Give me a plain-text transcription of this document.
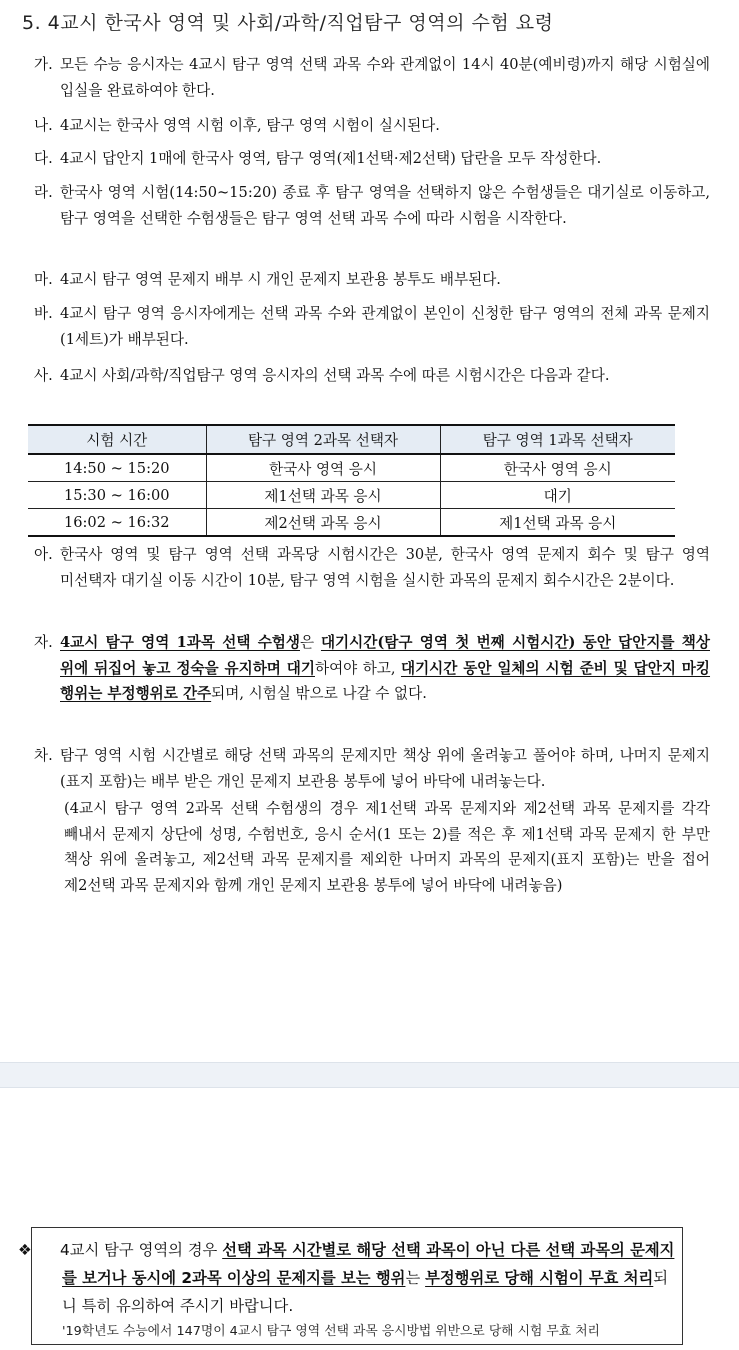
5. 4교시 한국사 영역 및 사회/과학/직업탐구 영역의 수험 요령
가. 모든 수능 응시자는 4교시 탐구 영역 선택 과목 수와 관계없이 14시 40분(예비령)까지 해당 시험실에 입실을 완료하여야 한다.
나. 4교시는 한국사 영역 시험 이후, 탐구 영역 시험이 실시된다.
다. 4교시 답안지 1매에 한국사 영역, 탐구 영역(제1선택·제2선택) 답란을 모두 작성한다.
라. 한국사 영역 시험(14:50~15:20) 종료 후 탐구 영역을 선택하지 않은 수험생들은 대기실로 이동하고, 탐구 영역을 선택한 수험생들은 탐구 영역 선택 과목 수에 따라 시험을 시작한다.
마. 4교시 탐구 영역 문제지 배부 시 개인 문제지 보관용 봉투도 배부된다.
바. 4교시 탐구 영역 응시자에게는 선택 과목 수와 관계없이 본인이 신청한 탐구 영역의 전체 과목 문제지(1세트)가 배부된다.
사. 4교시 사회/과학/직업탐구 영역 응시자의 선택 과목 수에 따른 시험시간은 다음과 같다.
시험 시간	탐구 영역 2과목 선택자	탐구 영역 1과목 선택자
14:50 ~ 15:20	한국사 영역 응시	한국사 영역 응시
15:30 ~ 16:00	제1선택 과목 응시	대기
16:02 ~ 16:32	제2선택 과목 응시	제1선택 과목 응시
아. 한국사 영역 및 탐구 영역 선택 과목당 시험시간은 30분, 한국사 영역 문제지 회수 및 탐구 영역 미선택자 대기실 이동 시간이 10분, 탐구 영역 시험을 실시한 과목의 문제지 회수시간은 2분이다.
자. 4교시 탐구 영역 1과목 선택 수험생은 대기시간(탐구 영역 첫 번째 시험시간) 동안 답안지를 책상 위에 뒤집어 놓고 정숙을 유지하며 대기하여야 하고, 대기시간 동안 일체의 시험 준비 및 답안지 마킹 행위는 부정행위로 간주되며, 시험실 밖으로 나갈 수 없다.
차. 탐구 영역 시험 시간별로 해당 선택 과목의 문제지만 책상 위에 올려놓고 풀어야 하며, 나머지 문제지(표지 포함)는 배부 받은 개인 문제지 보관용 봉투에 넣어 바닥에 내려놓는다.
(4교시 탐구 영역 2과목 선택 수험생의 경우 제1선택 과목 문제지와 제2선택 과목 문제지를 각각 빼내서 문제지 상단에 성명, 수험번호, 응시 순서(1 또는 2)를 적은 후 제1선택 과목 문제지 한 부만 책상 위에 올려놓고, 제2선택 과목 문제지를 제외한 나머지 과목의 문제지(표지 포함)는 반을 접어 제2선택 과목 문제지와 함께 개인 문제지 보관용 봉투에 넣어 바닥에 내려놓음)
❖ 4교시 탐구 영역의 경우 선택 과목 시간별로 해당 선택 과목이 아닌 다른 선택 과목의 문제지를 보거나 동시에 2과목 이상의 문제지를 보는 행위는 부정행위로 당해 시험이 무효 처리되니 특히 유의하여 주시기 바랍니다.
'19학년도 수능에서 147명이 4교시 탐구 영역 선택 과목 응시방법 위반으로 당해 시험 무효 처리
